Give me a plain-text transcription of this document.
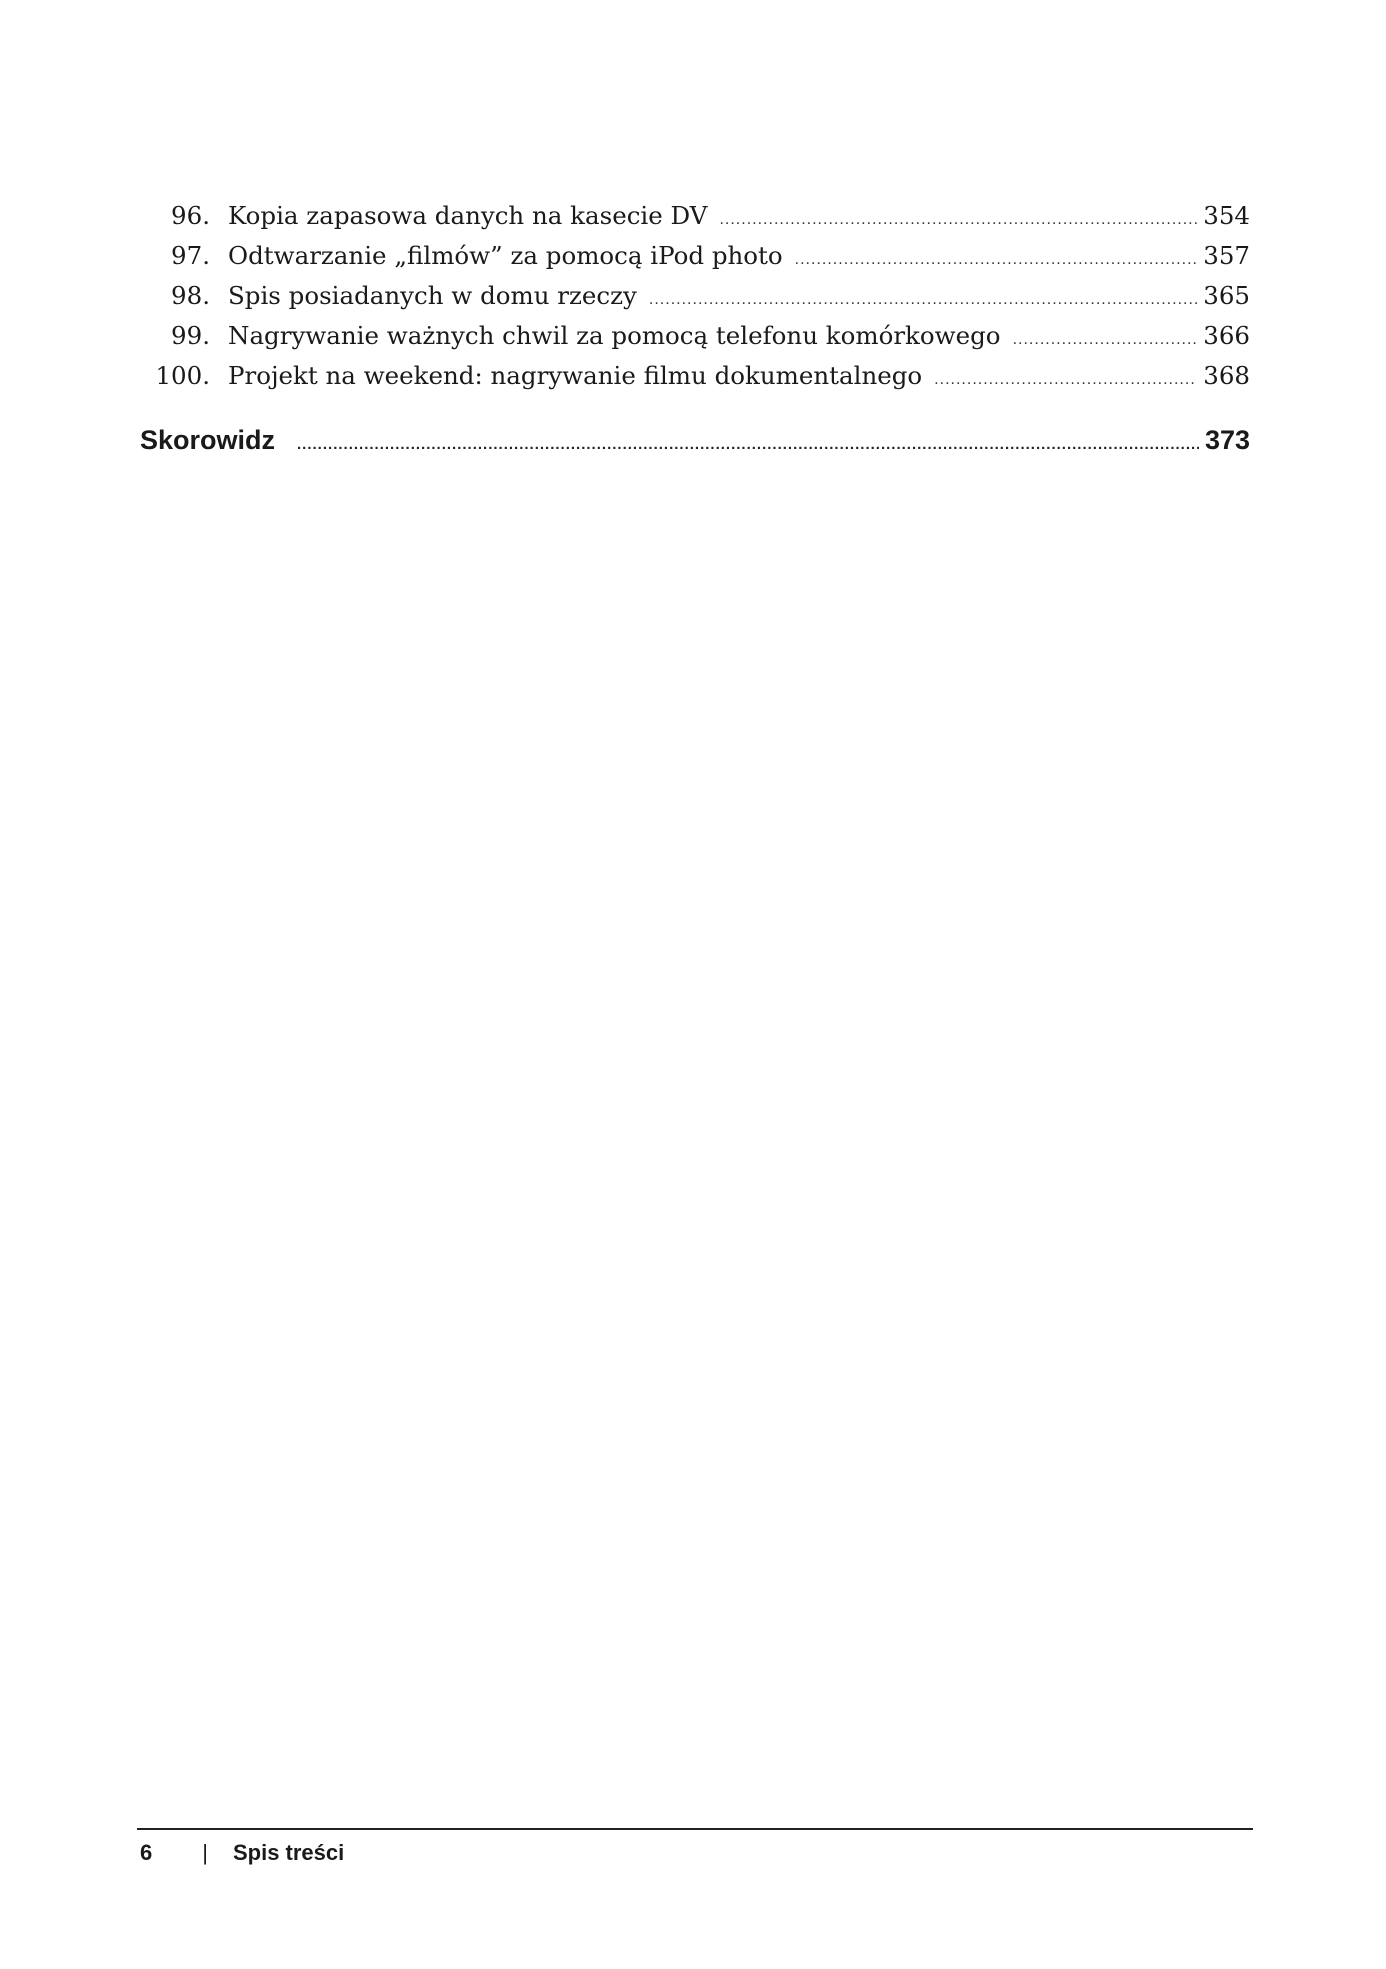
96. Kopia zapasowa danych na kasecie DV .....	354
97. Odtwarzanie „filmów” za pomocą iPod photo .....	357
98. Spis posiadanych w domu rzeczy .....	365
99. Nagrywanie ważnych chwil za pomocą telefonu komórkowego .....	366
100. Projekt na weekend: nagrywanie filmu dokumentalnego .....	368
Skorowidz .....	373
6 | Spis treści
